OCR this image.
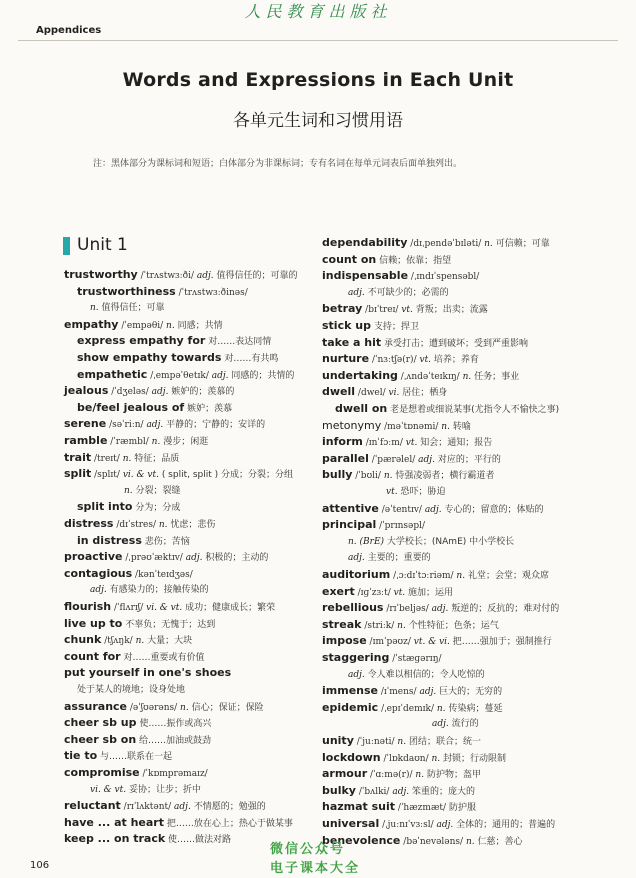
人民教育出版社
Appendices
Words and Expressions in Each Unit
各单元生词和习惯用语
注：黑体部分为课标词和短语；白体部分为非课标词；专有名词在每单元词表后面单独列出。
Unit 1
trustworthy /ˈtrʌstwɜːði/ adj. 值得信任的；可靠的
trustworthiness /ˈtrʌstwɜːðinəs/
n. 值得信任；可靠
empathy /ˈempəθi/ n. 同感；共情
express empathy for 对……表达同情
show empathy towards 对……有共鸣
empathetic /ˌempəˈθetɪk/ adj. 同感的；共情的
jealous /ˈdʒeləs/ adj. 嫉妒的；羡慕的
be/feel jealous of 嫉妒；羡慕
serene /səˈriːn/ adj. 平静的；宁静的；安详的
ramble /ˈræmbl/ n. 漫步；闲逛
trait /treɪt/ n. 特征；品质
split /splɪt/ vi. & vt. ( split, split ) 分成；分裂；分组
n. 分裂；裂缝
split into 分为；分成
distress /dɪˈstres/ n. 忧虑；悲伤
in distress 悲伤；苦恼
proactive /ˌprəʊˈæktɪv/ adj. 积极的；主动的
contagious /kənˈteɪdʒəs/
adj. 有感染力的；接触传染的
flourish /ˈflʌrɪʃ/ vi. & vt. 成功；健康成长；繁荣
live up to 不辜负；无愧于；达到
chunk /tʃʌŋk/ n. 大量；大块
count for 对……重要或有价值
put yourself in one's shoes
处于某人的境地；设身处地
assurance /əˈʃʊərəns/ n. 信心；保证；保险
cheer sb up 使……振作或高兴
cheer sb on 给……加油或鼓劲
tie to 与……联系在一起
compromise /ˈkɒmprəmaɪz/
vi. & vt. 妥协；让步；折中
reluctant /rɪˈlʌktənt/ adj. 不情愿的；勉强的
have ... at heart 把……放在心上；热心于做某事
keep ... on track 使……做法对路
dependability /dɪˌpendəˈbɪləti/ n. 可信赖；可靠
count on 信赖；依靠；指望
indispensable /ˌɪndɪˈspensəbl/
adj. 不可缺少的；必需的
betray /bɪˈtreɪ/ vt. 背叛；出卖；流露
stick up 支持；捍卫
take a hit 承受打击；遭到破坏；受到严重影响
nurture /ˈnɜːtʃə(r)/ vt. 培养；养育
undertaking /ˌʌndəˈteɪkɪŋ/ n. 任务；事业
dwell /dwel/ vi. 居住；栖身
dwell on 老是想着或细说某事(尤指令人不愉快之事)
metonymy /məˈtɒnəmi/ n. 转喻
inform /ɪnˈfɔːm/ vt. 知会；通知；报告
parallel /ˈpærəlel/ adj. 对应的；平行的
bully /ˈbʊli/ n. 恃强凌弱者；横行霸道者
vt. 恐吓；胁迫
attentive /əˈtentɪv/ adj. 专心的；留意的；体贴的
principal /ˈprɪnsəpl/
n. (BrE) 大学校长；(NAmE) 中小学校长
adj. 主要的；重要的
auditorium /ˌɔːdɪˈtɔːriəm/ n. 礼堂；会堂；观众席
exert /ɪɡˈzɜːt/ vt. 施加；运用
rebellious /rɪˈbeljəs/ adj. 叛逆的；反抗的；难对付的
streak /striːk/ n. 个性特征；色条；运气
impose /ɪmˈpəʊz/ vt. & vi. 把……强加于；强制推行
staggering /ˈstæɡərɪŋ/
adj. 令人难以相信的；令人吃惊的
immense /ɪˈmens/ adj. 巨大的；无穷的
epidemic /ˌepɪˈdemɪk/ n. 传染病；蔓延
adj. 流行的
unity /ˈjuːnəti/ n. 团结；联合；统一
lockdown /ˈlɒkdaʊn/ n. 封锁；行动限制
armour /ˈɑːmə(r)/ n. 防护物；盔甲
bulky /ˈbʌlki/ adj. 笨重的；庞大的
hazmat suit /ˈhæzmæt/ 防护服
universal /ˌjuːnɪˈvɜːsl/ adj. 全体的；通用的；普遍的
benevolence /bəˈnevələns/ n. 仁慈；善心
106
微信公众号
电子课本大全
